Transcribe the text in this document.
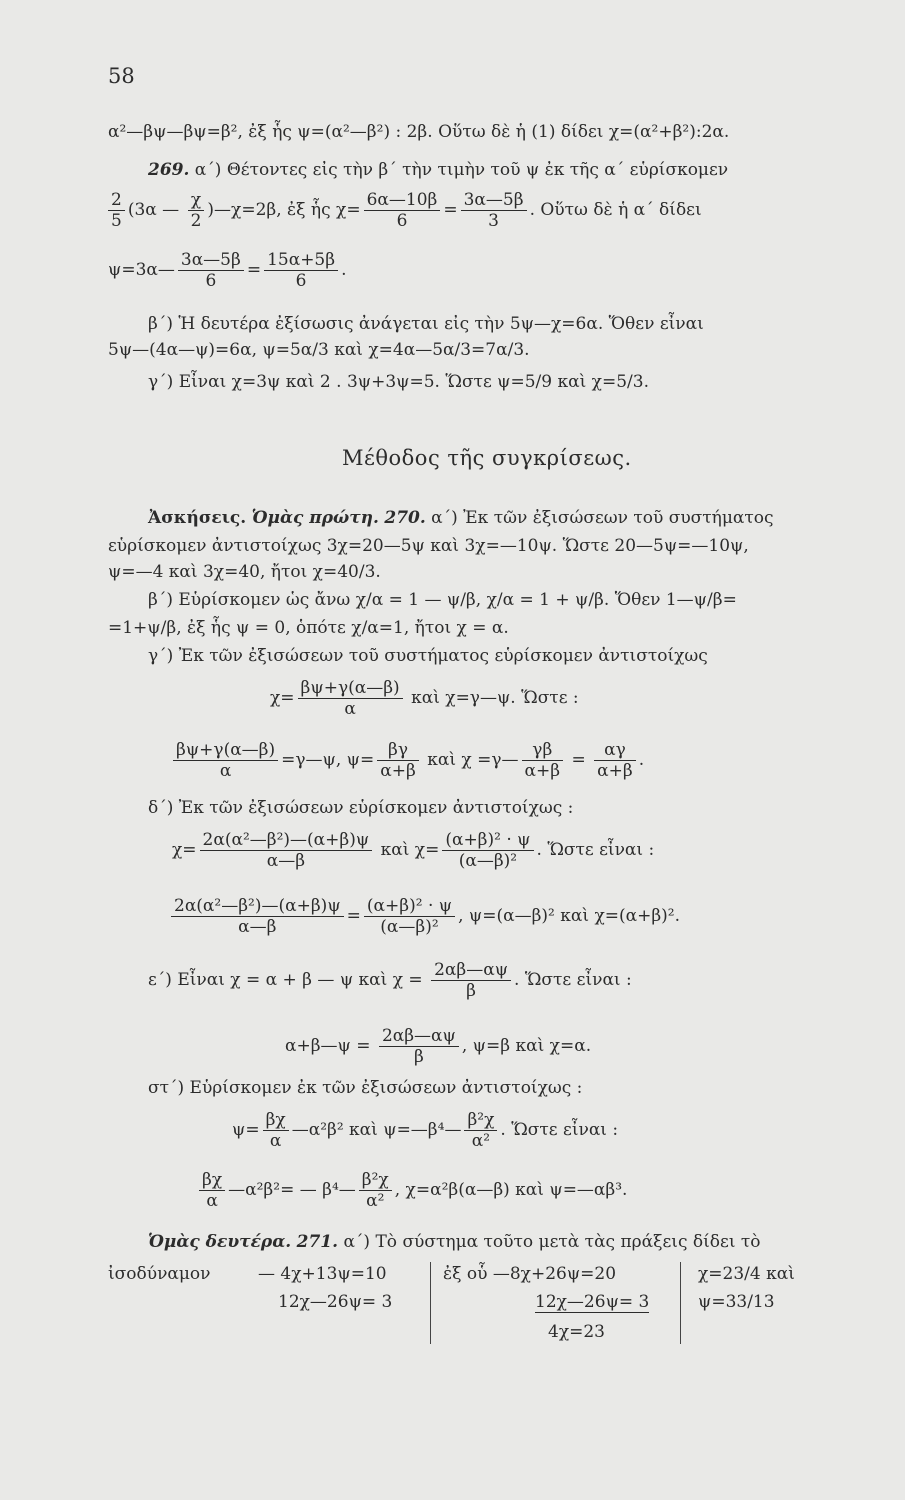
58
α²—βψ—βψ=β², ἐξ ἧς ψ=(α²—β²) : 2β. Οὕτω δὲ ἡ (1) δίδει χ=(α²+β²):2α.
269. α΄) Θέτοντες εἰς τὴν β΄ τὴν τιμὴν τοῦ ψ ἐκ τῆς α΄ εὑρίσκομεν
$\frac{2}{5} (3\alpha$ — $\frac{\chi}{2}$ )—χ=2β, ἐξ ἧς $\chi= \frac{6\alpha—10\beta}{6} = \frac{3\alpha—5\beta}{3}$ . Οὕτω δὲ ἡ α΄ δίδει
ψ=3α— $\frac{3\alpha—5\beta}{6} = \frac{15\alpha+5\beta}{6}$ .
β΄) Ἡ δευτέρα ἐξίσωσις ἀνάγεται εἰς τὴν 5ψ—χ=6α. Ὅθεν εἶναι
5ψ—(4α—ψ)=6α, ψ=5α/3 καὶ χ=4α—5α/3=7α/3.
γ΄) Εἶναι χ=3ψ καὶ 2 . 3ψ+3ψ=5. Ὥστε ψ=5/9 καὶ χ=5/3.
Μέθοδος τῆς συγκρίσεως.
Ἀσκήσεις. Ὁμὰς πρώτη. 270. α΄) Ἐκ τῶν ἐξισώσεων τοῦ συστήματος
εὑρίσκομεν ἀντιστοίχως 3χ=20—5ψ καὶ 3χ=—10ψ. Ὥστε 20—5ψ=—10ψ,
ψ=—4 καὶ 3χ=40, ἤτοι χ=40/3.
β΄) Εὑρίσκομεν ὡς ἄνω χ/α = 1 — ψ/β, χ/α = 1 + ψ/β. Ὅθεν 1—ψ/β=
=1+ψ/β, ἐξ ἧς ψ = 0, ὁπότε χ/α=1, ἤτοι χ = α.
γ΄) Ἐκ τῶν ἐξισώσεων τοῦ συστήματος εὑρίσκομεν ἀντιστοίχως
$\chi= \frac{\beta\psi+\gamma(\alpha—\beta)}{\alpha}$ καὶ χ=γ—ψ. Ὥστε :
$\frac{\beta\psi+\gamma(\alpha—\beta)}{\alpha}$ =γ—ψ, $\psi= \frac{\beta\gamma}{\alpha+\beta}$ καὶ χ =γ— $\frac{\gamma\beta}{\alpha+\beta} = \frac{\alpha\gamma}{\alpha+\beta}$ .
δ΄) Ἐκ τῶν ἐξισώσεων εὑρίσκομεν ἀντιστοίχως :
$\chi= \frac{\text{2α(α²—β²)—(α+β)ψ}}{\alpha—\beta}$ καὶ $\chi= \frac{\text{(α+β)² · ψ}}{\text{(α—β)²}}$ . Ὥστε εἶναι :
$\frac{\text{2α(α²—β²)—(α+β)ψ}}{\alpha—\beta} = \frac{\text{(α+β)² · ψ}}{\text{(α—β)²}}$ , ψ=(α—β)² καὶ χ=(α+β)².
ε΄) Εἶναι χ = α + β — ψ καὶ $\chi = \frac{2\alpha\beta—\alpha\psi}{\beta}$ . Ὥστε εἶναι :
α+β—ψ = $\frac{2\alpha\beta—\alpha\psi}{\beta}$ , ψ=β καὶ χ=α.
στ΄) Εὑρίσκομεν ἐκ τῶν ἐξισώσεων ἀντιστοίχως :
$\psi= \frac{\beta\chi}{\alpha}$ —α²β² καὶ ψ=—β⁴— $\frac{\text{β²χ}}{\text{α²}}$ . Ὥστε εἶναι :
$\frac{\beta\chi}{\alpha}$ —α²β²= — β⁴— $\frac{\text{β²χ}}{\text{α²}}$ , χ=α²β(α—β) καὶ ψ=—αβ³.
Ὁμὰς δευτέρα. 271. α΄) Τὸ σύστημα τοῦτο μετὰ τὰς πράξεις δίδει τὸ
ἰσοδύναμον	— 4χ+13ψ=10
12χ—26ψ= 3
ἐξ οὗ —8χ+26ψ=20
12χ—26ψ= 3
4χ=23
χ=23/4 καὶ
ψ=33/13
